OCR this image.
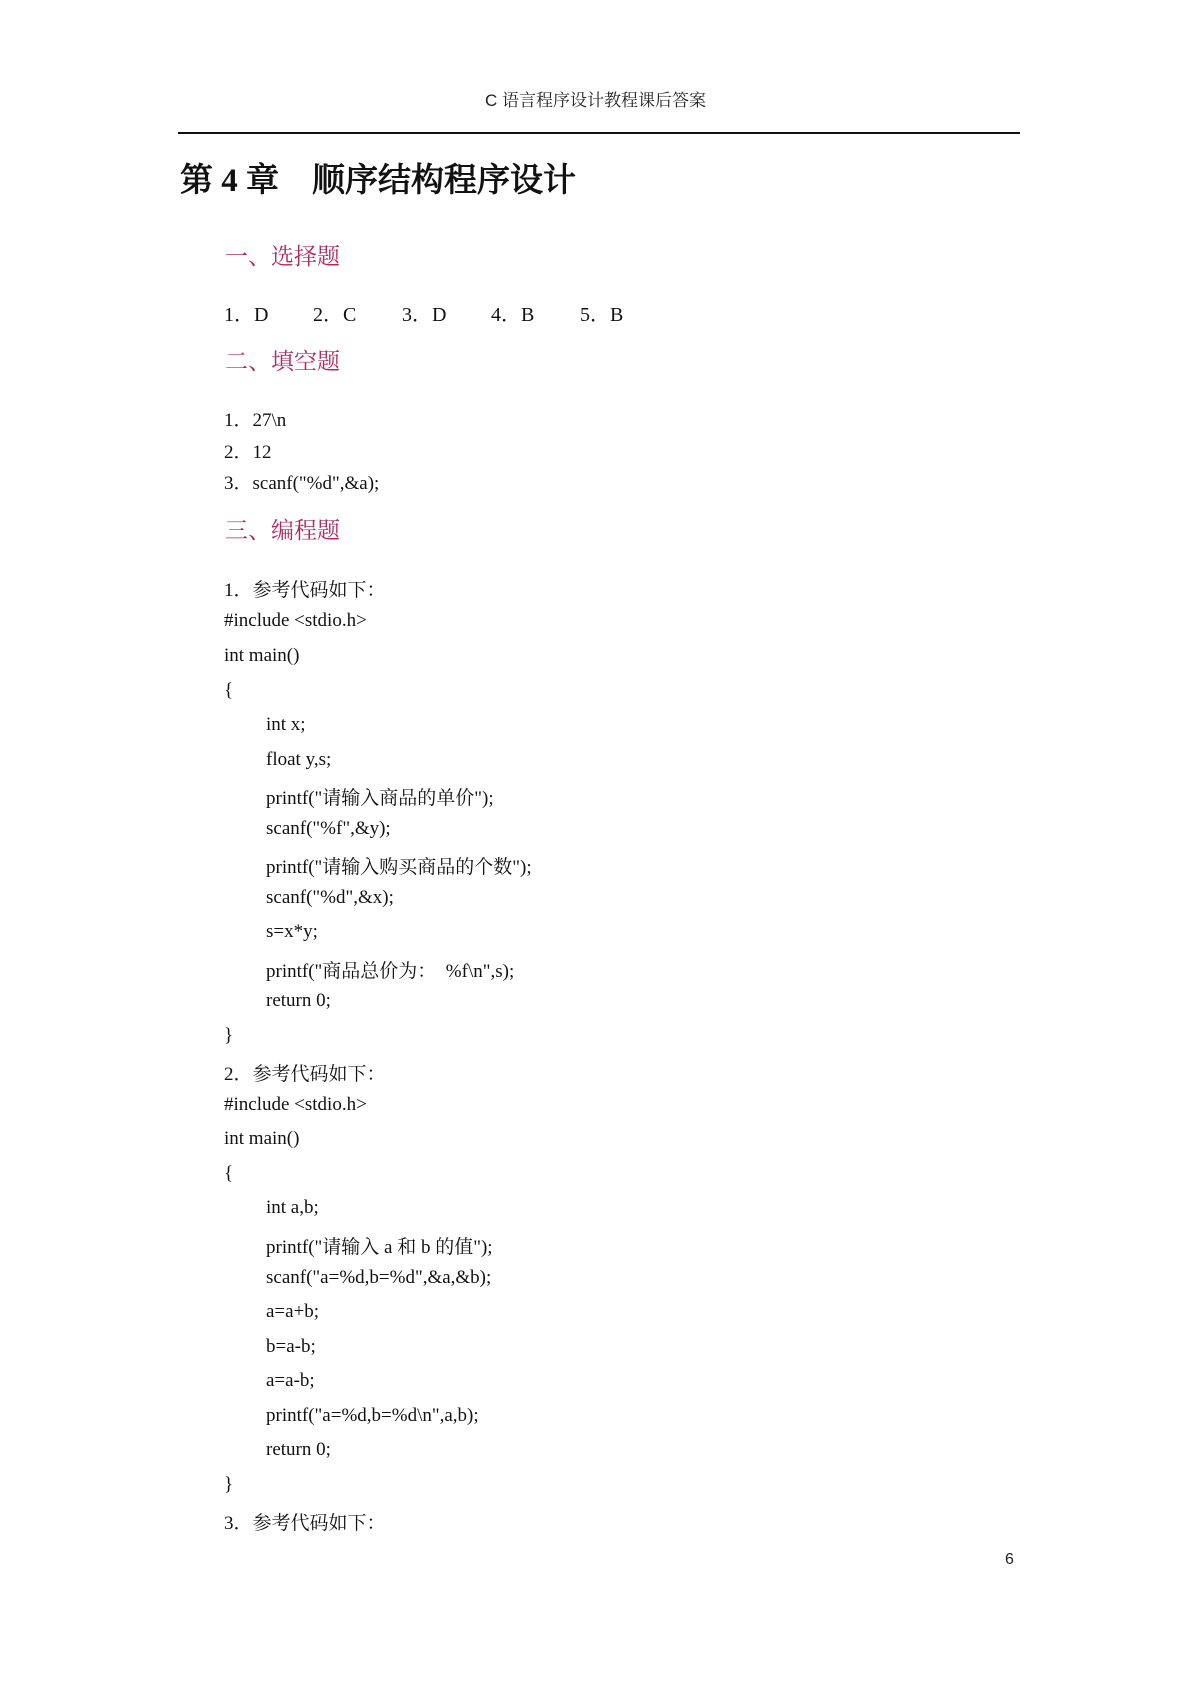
C 语言程序设计教程课后答案
第 4 章    顺序结构程序设计
一、选择题
1．D	2．C	3．D	4．B	5．B
二、填空题
1．27\n
2．12
3．scanf("%d",&a);
三、编程题
1．参考代码如下：
#include <stdio.h>
int main()
{
int x;
float y,s;
printf("请输入商品的单价");
scanf("%f",&y);
printf("请输入购买商品的个数");
scanf("%d",&x);
s=x*y;
printf("商品总价为：  %f\n",s);
return 0;
}
2．参考代码如下：
#include <stdio.h>
int main()
{
int a,b;
printf("请输入 a 和 b 的值");
scanf("a=%d,b=%d",&a,&b);
a=a+b;
b=a-b;
a=a-b;
printf("a=%d,b=%d\n",a,b);
return 0;
}
3．参考代码如下：
6
